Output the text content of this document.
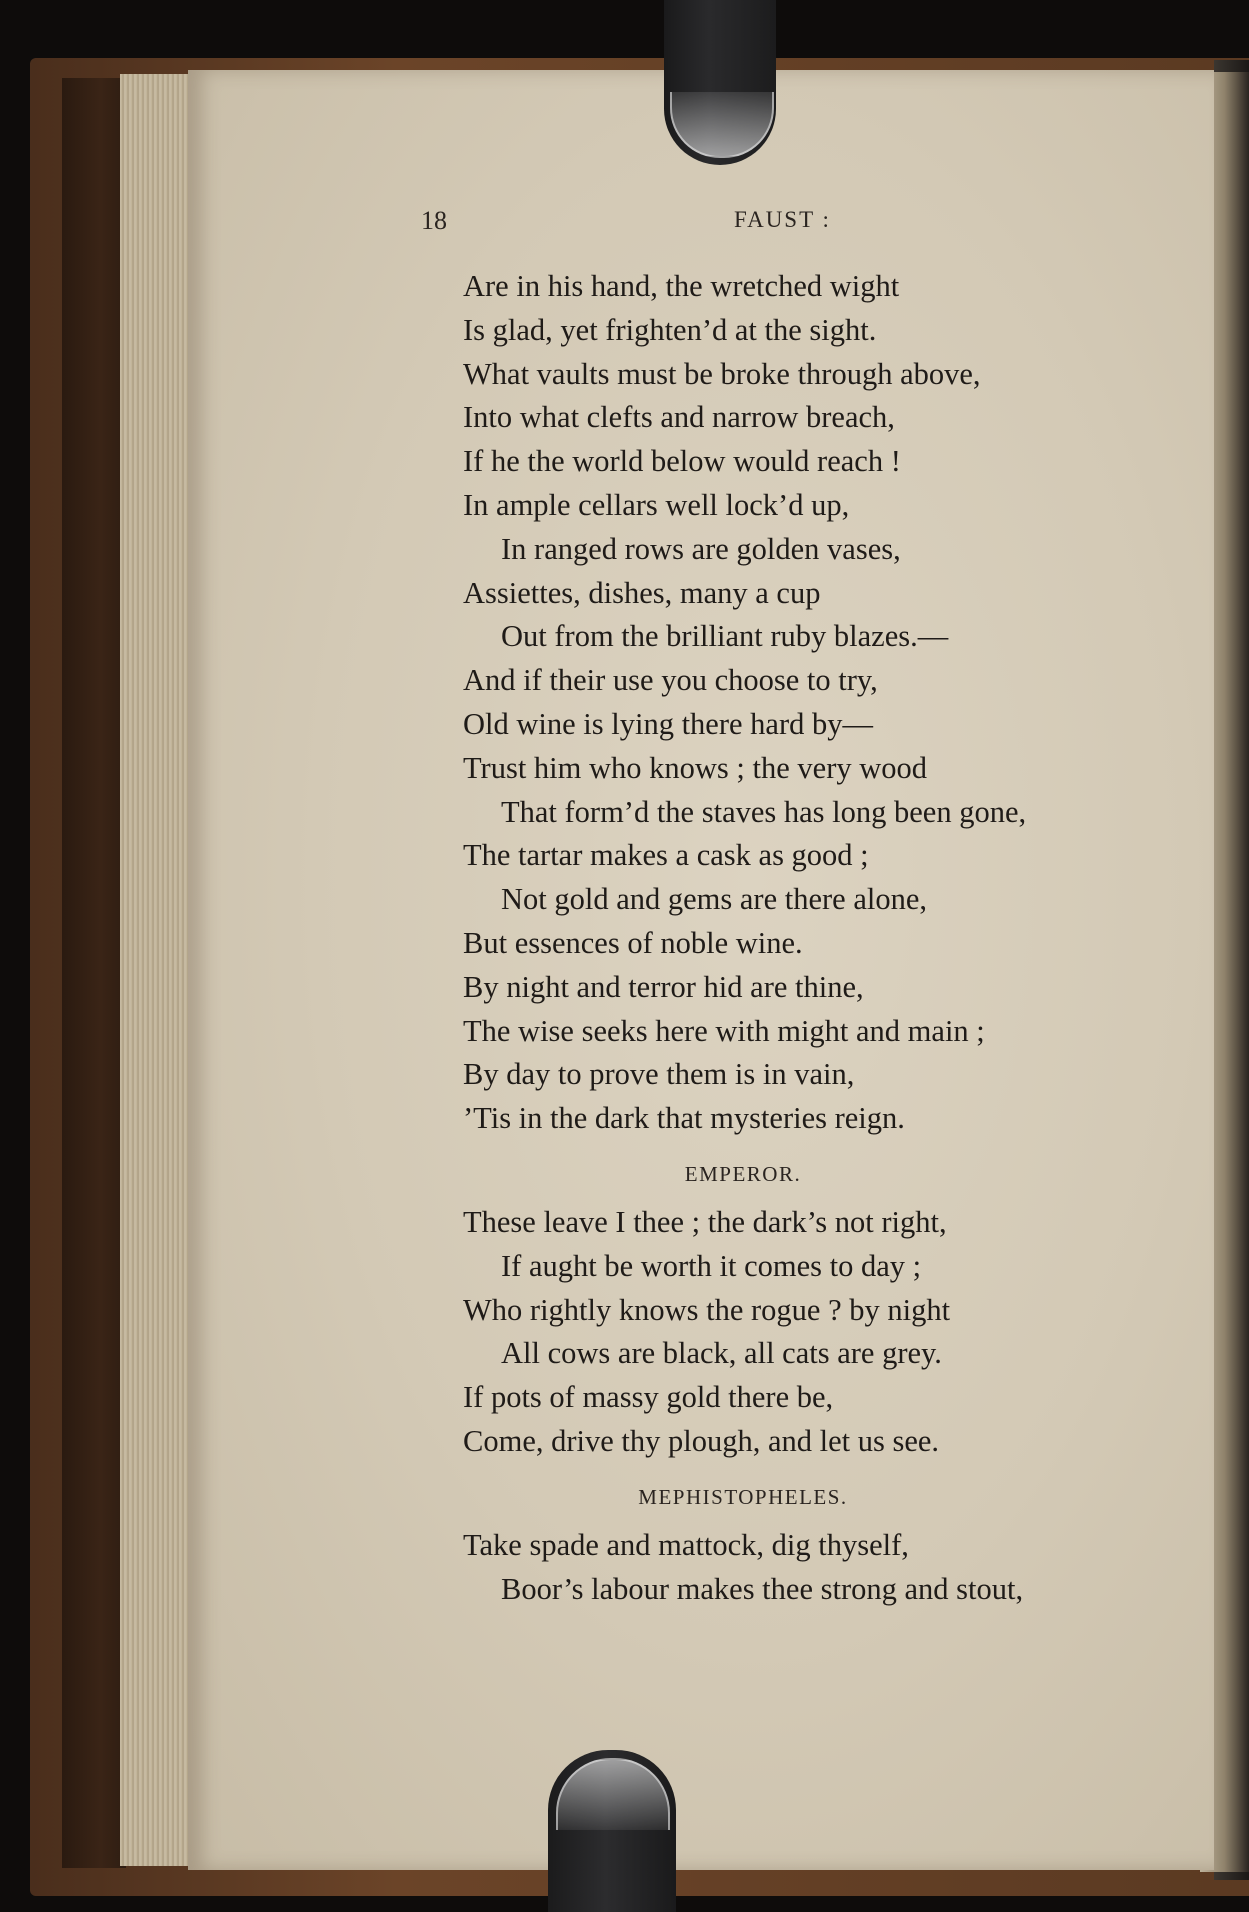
18	FAUST :
Are in his hand, the wretched wight
Is glad, yet frighten’d at the sight.
What vaults must be broke through above,
Into what clefts and narrow breach,
If he the world below would reach !
In ample cellars well lock’d up,
In ranged rows are golden vases,
Assiettes, dishes, many a cup
Out from the brilliant ruby blazes.—
And if their use you choose to try,
Old wine is lying there hard by—
Trust him who knows ; the very wood
That form’d the staves has long been gone,
The tartar makes a cask as good ;
Not gold and gems are there alone,
But essences of noble wine.
By night and terror hid are thine,
The wise seeks here with might and main ;
By day to prove them is in vain,
’Tis in the dark that mysteries reign.
EMPEROR.
These leave I thee ; the dark’s not right,
If aught be worth it comes to day ;
Who rightly knows the rogue ? by night
All cows are black, all cats are grey.
If pots of massy gold there be,
Come, drive thy plough, and let us see.
MEPHISTOPHELES.
Take spade and mattock, dig thyself,
Boor’s labour makes thee strong and stout,
